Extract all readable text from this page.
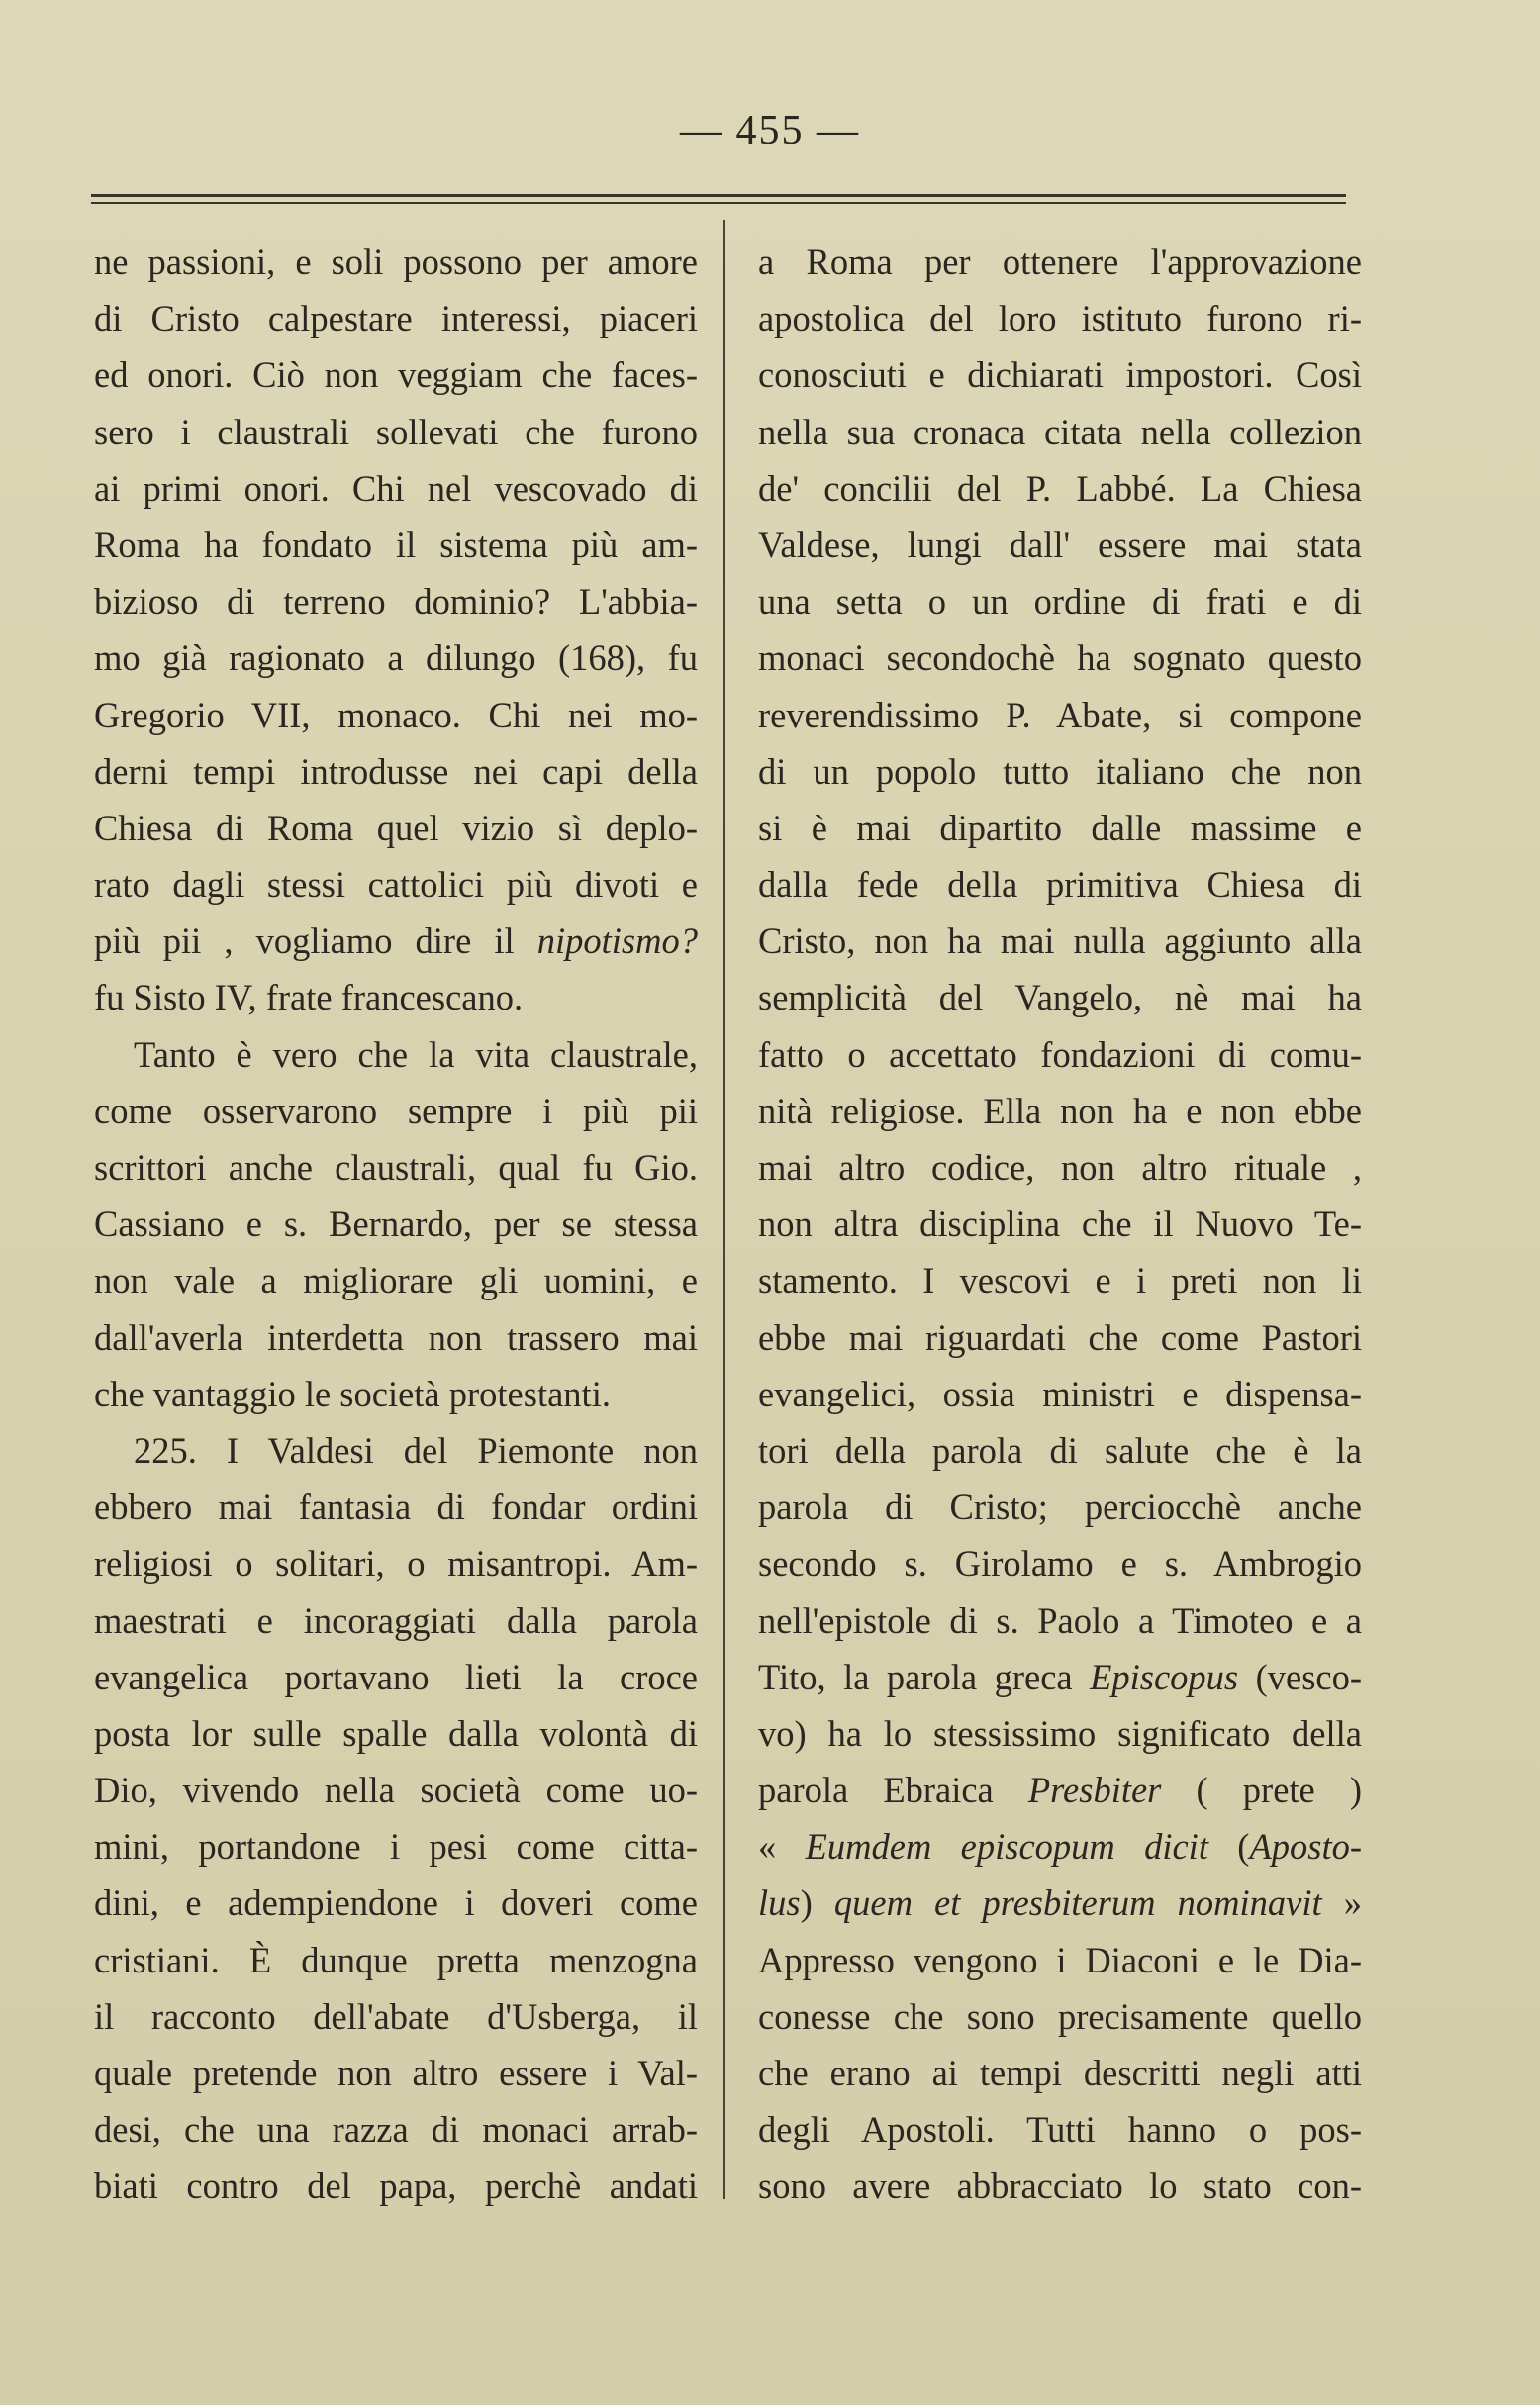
— 455 —
ne passioni, e soli possono per amore
di Cristo calpestare interessi, piaceri
ed onori. Ciò non veggiam che faces-
sero i claustrali sollevati che furono
ai primi onori. Chi nel vescovado di
Roma ha fondato il sistema più am-
bizioso di terreno dominio? L'abbia-
mo già ragionato a dilungo (168), fu
Gregorio VII, monaco. Chi nei mo-
derni tempi introdusse nei capi della
Chiesa di Roma quel vizio sì deplo-
rato dagli stessi cattolici più divoti e
più pii , vogliamo dire il nipotismo?
fu Sisto IV, frate francescano.
Tanto è vero che la vita claustrale,
come osservarono sempre i più pii
scrittori anche claustrali, qual fu Gio.
Cassiano e s. Bernardo, per se stessa
non vale a migliorare gli uomini, e
dall'averla interdetta non trassero mai
che vantaggio le società protestanti.
225. I Valdesi del Piemonte non
ebbero mai fantasia di fondar ordini
religiosi o solitari, o misantropi. Am-
maestrati e incoraggiati dalla parola
evangelica portavano lieti la croce
posta lor sulle spalle dalla volontà di
Dio, vivendo nella società come uo-
mini, portandone i pesi come citta-
dini, e adempiendone i doveri come
cristiani. È dunque pretta menzogna
il racconto dell'abate d'Usberga, il
quale pretende non altro essere i Val-
desi, che una razza di monaci arrab-
biati contro del papa, perchè andati
a Roma per ottenere l'approvazione
apostolica del loro istituto furono ri-
conosciuti e dichiarati impostori. Così
nella sua cronaca citata nella collezion
de' concilii del P. Labbé. La Chiesa
Valdese, lungi dall' essere mai stata
una setta o un ordine di frati e di
monaci secondochè ha sognato questo
reverendissimo P. Abate, si compone
di un popolo tutto italiano che non
si è mai dipartito dalle massime e
dalla fede della primitiva Chiesa di
Cristo, non ha mai nulla aggiunto alla
semplicità del Vangelo, nè mai ha
fatto o accettato fondazioni di comu-
nità religiose. Ella non ha e non ebbe
mai altro codice, non altro rituale ,
non altra disciplina che il Nuovo Te-
stamento. I vescovi e i preti non li
ebbe mai riguardati che come Pastori
evangelici, ossia ministri e dispensa-
tori della parola di salute che è la
parola di Cristo; perciocchè anche
secondo s. Girolamo e s. Ambrogio
nell'epistole di s. Paolo a Timoteo e a
Tito, la parola greca Episcopus (vesco-
vo) ha lo stessissimo significato della
parola Ebraica Presbiter ( prete )
« Eumdem episcopum dicit (Aposto-
lus) quem et presbiterum nominavit »
Appresso vengono i Diaconi e le Dia-
conesse che sono precisamente quello
che erano ai tempi descritti negli atti
degli Apostoli. Tutti hanno o pos-
sono avere abbracciato lo stato con-
